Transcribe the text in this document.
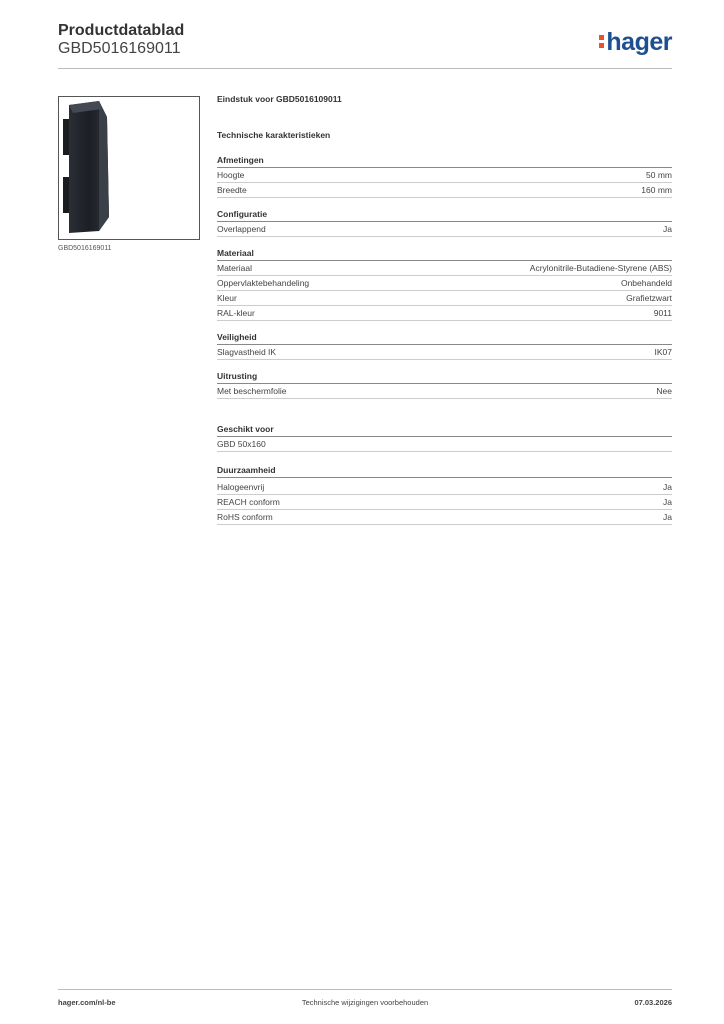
Productdatablad
GBD5016169011	hager
GBD5016169011
Eindstuk voor GBD5016109011
Technische karakteristieken
Afmetingen
Hoogte	50 mm
Breedte	160 mm
Configuratie
Overlappend	Ja
Materiaal
Materiaal	Acrylonitrile-Butadiene-Styrene (ABS)
Oppervlaktebehandeling	Onbehandeld
Kleur	Grafietzwart
RAL-kleur	9011
Veiligheid
Slagvastheid IK	IK07
Uitrusting
Met beschermfolie	Nee
Geschikt voor
GBD 50x160
Duurzaamheid
Halogeenvrij	Ja
REACH conform	Ja
RoHS conform	Ja
Technische wijzigingen voorbehouden
hager.com/nl-be	07.03.2026
